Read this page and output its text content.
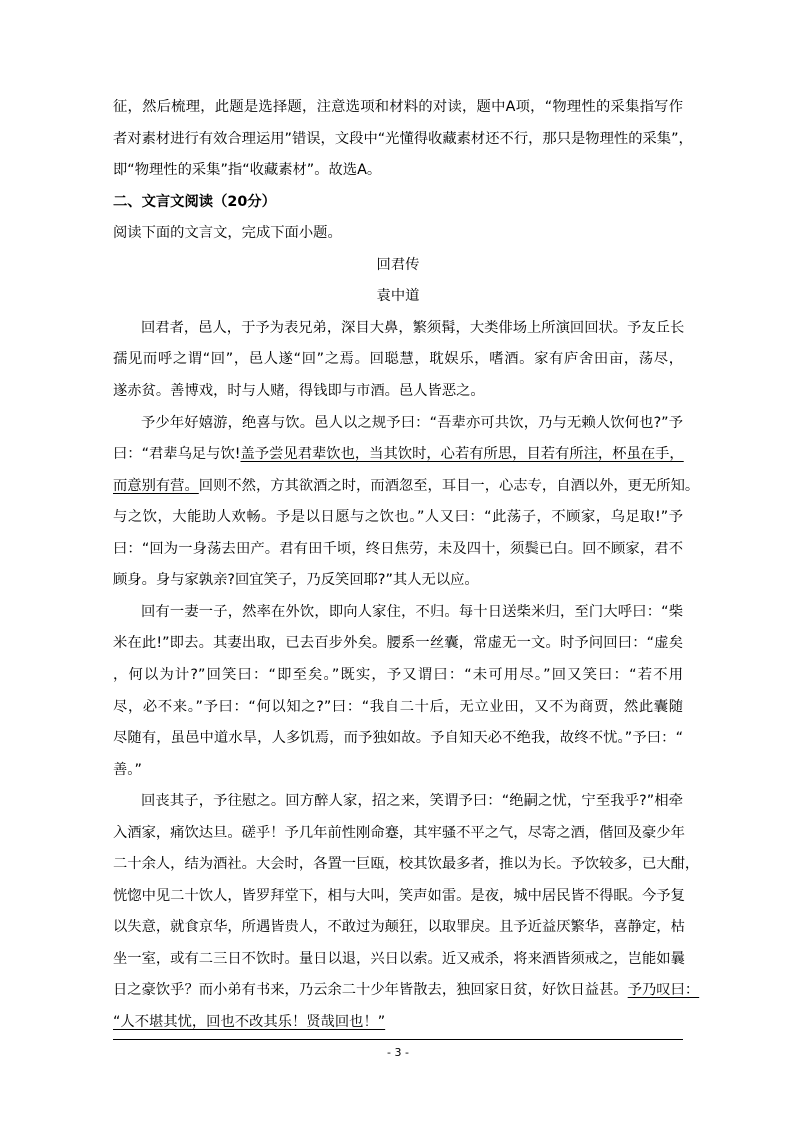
征，然后梳理，此题是选择题，注意选项和材料的对读，题中A项，“物理性的采集指写作
者对素材进行有效合理运用”错误，文段中“光懂得收藏素材还不行，那只是物理性的采集”，
即“物理性的采集”指“收藏素材”。故选A。
二、文言文阅读（20分）
阅读下面的文言文，完成下面小题。
回君传
袁中道
回君者，邑人，于予为表兄弟，深目大鼻，繁须髯，大类俳场上所演回回状。予友丘长
孺见而呼之谓“回”，邑人遂“回”之焉。回聪慧，耽娱乐，嗜酒。家有庐舍田亩，荡尽，
遂赤贫。善博戏，时与人赌，得钱即与市酒。邑人皆恶之。
予少年好嬉游，绝喜与饮。邑人以之规予曰：“吾辈亦可共饮，乃与无赖人饮何也?”予
曰：“君辈乌足与饮!盖予尝见君辈饮也，当其饮时，心若有所思，目若有所注，杯虽在手，
而意别有营。回则不然，方其欲酒之时，而酒忽至，耳目一，心志专，自酒以外，更无所知。
与之饮，大能助人欢畅。予是以日愿与之饮也。”人又曰：“此荡子，不顾家，乌足取!”予
曰：“回为一身荡去田产。君有田千顷，终日焦劳，未及四十，须鬓已白。回不顾家，君不
顾身。身与家孰亲?回宜笑子，乃反笑回耶?”其人无以应。
回有一妻一子，然率在外饮，即向人家住，不归。每十日送柴米归，至门大呼曰：“柴
米在此!”即去。其妻出取，已去百步外矣。腰系一丝囊，常虚无一文。时予问回曰：“虚矣
，何以为计?”回笑曰：“即至矣。”既实，予又谓曰：“未可用尽。”回又笑曰：“若不用
尽，必不来。”予曰：“何以知之?”曰：“我自二十后，无立业田，又不为商贾，然此囊随
尽随有，虽邑中道水旱，人多饥焉，而予独如故。予自知天必不绝我，故终不忧。”予曰：“
善。”
回丧其子，予往慰之。回方醉人家，招之来，笑谓予曰：“绝嗣之忧，宁至我乎?”相牵
入酒家，痛饮达旦。磋乎！予几年前性刚命蹇，其牢骚不平之气，尽寄之酒，偕回及豪少年
二十余人，结为酒社。大会时，各置一巨瓯，校其饮最多者，推以为长。予饮较多，已大酣，
恍惚中见二十饮人，皆罗拜堂下，相与大叫，笑声如雷。是夜，城中居民皆不得眠。今予复
以失意，就食京华，所遇皆贵人，不敢过为颠狂，以取罪戾。且予近益厌繁华，喜静定，枯
坐一室，或有二三日不饮时。量日以退，兴日以索。近又戒杀，将来酒皆须戒之，岂能如曩
- 3 -
日之豪饮乎？而小弟有书来，乃云余二十少年皆散去，独回家日贫，好饮日益甚。予乃叹曰：
“人不堪其忧，回也不改其乐！贤哉回也！”
